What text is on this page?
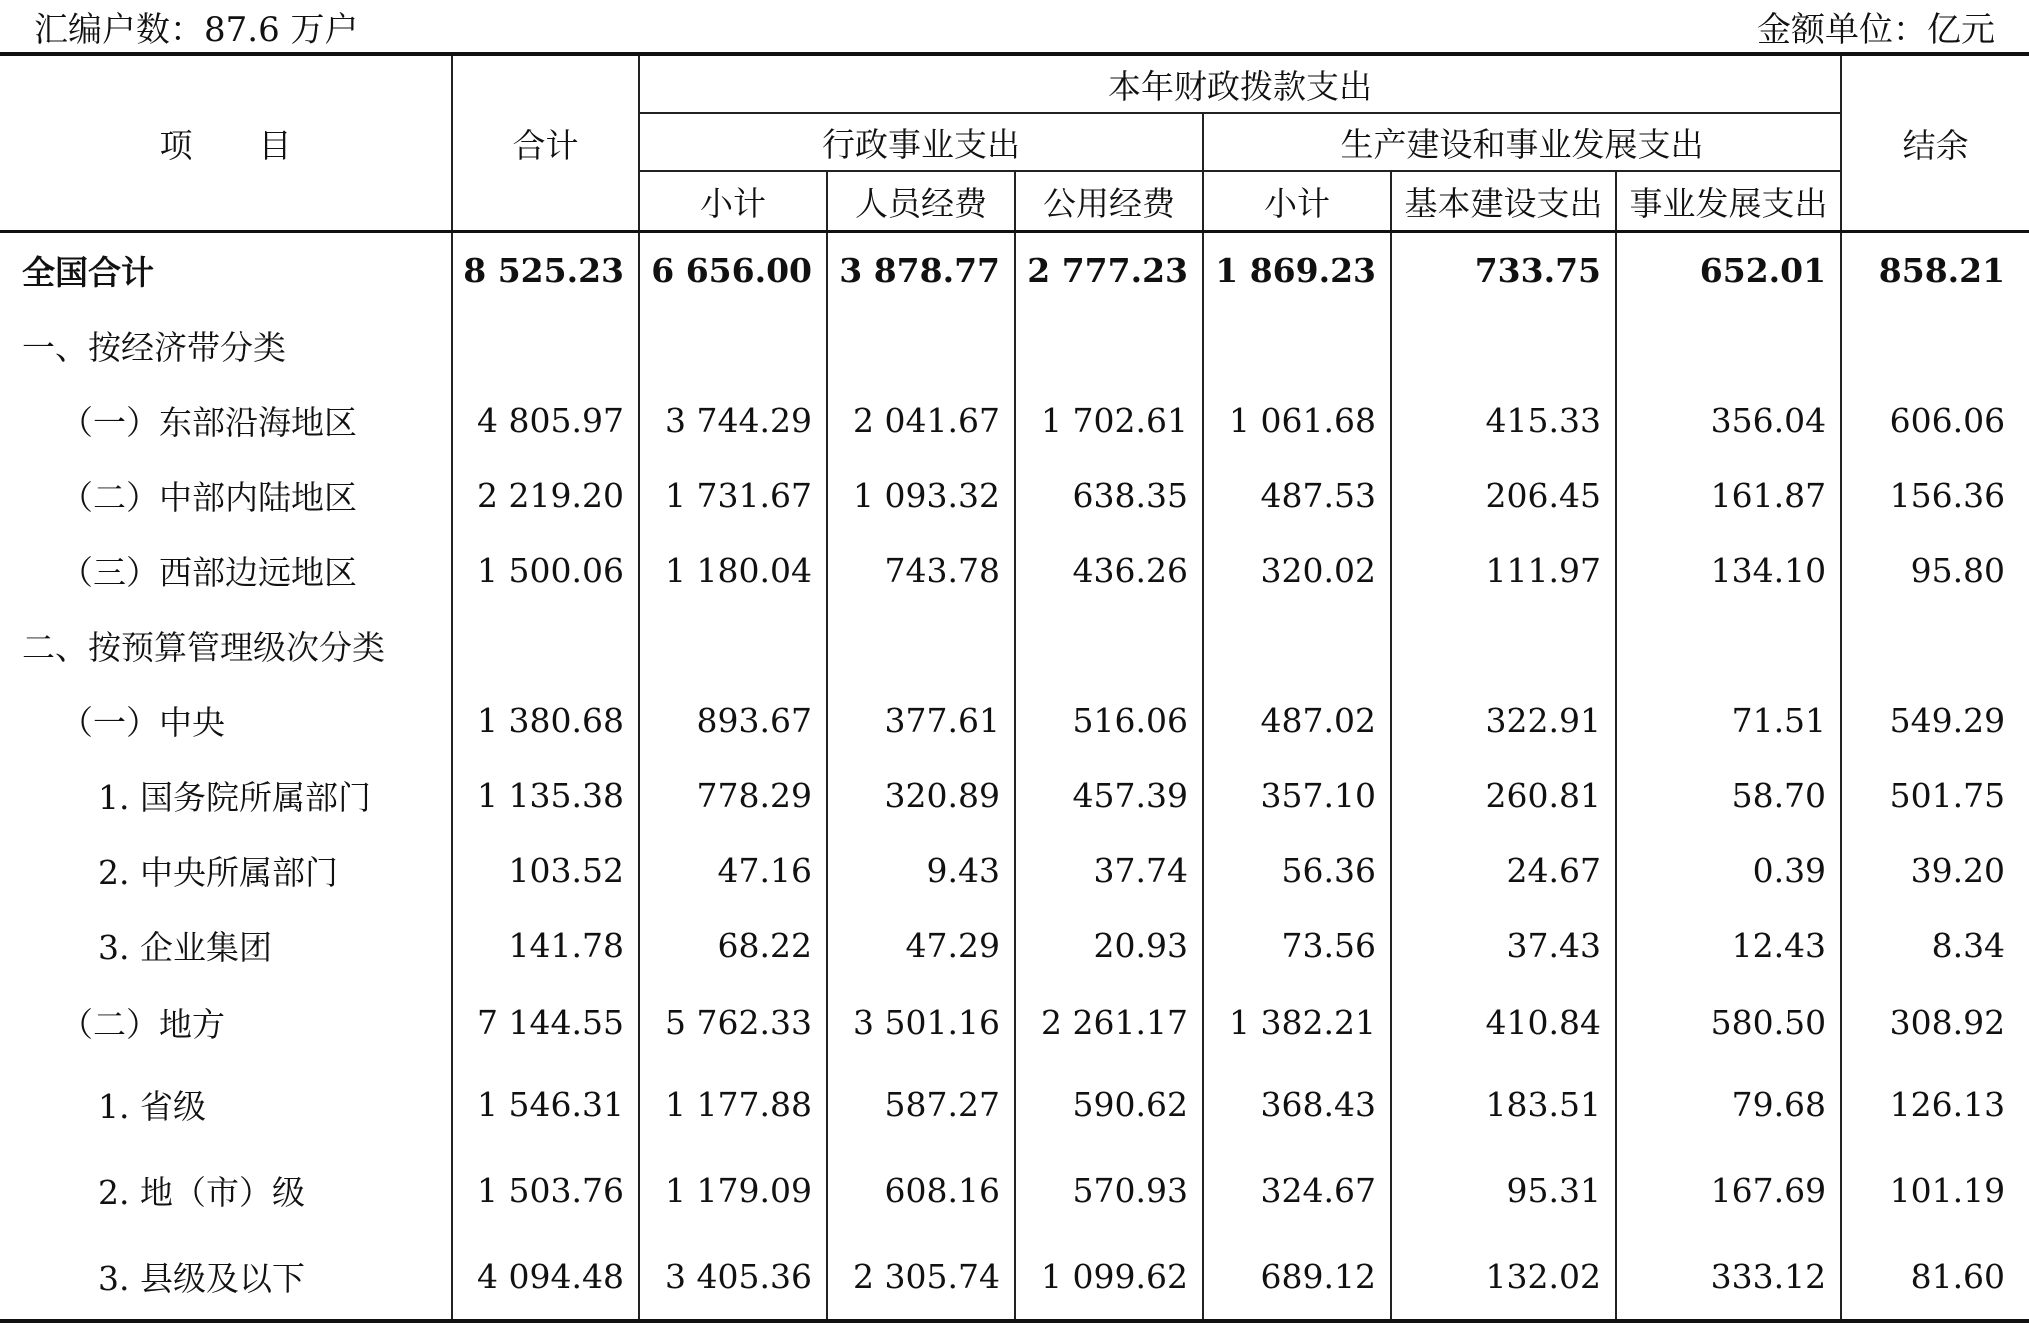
汇编户数：87.6 万户	金额单位：亿元
项　　目	合计	本年财政拨款支出						结余
		行政事业支出			生产建设和事业发展支出			
		小计	人员经费	公用经费	小计	基本建设支出	事业发展支出	
全国合计	8 525.23	6 656.00	3 878.77	2 777.23	1 869.23	733.75	652.01	858.21
一、按经济带分类								
（一）东部沿海地区	4 805.97	3 744.29	2 041.67	1 702.61	1 061.68	415.33	356.04	606.06
（二）中部内陆地区	2 219.20	1 731.67	1 093.32	638.35	487.53	206.45	161.87	156.36
（三）西部边远地区	1 500.06	1 180.04	743.78	436.26	320.02	111.97	134.10	95.80
二、按预算管理级次分类								
（一）中央	1 380.68	893.67	377.61	516.06	487.02	322.91	71.51	549.29
1. 国务院所属部门	1 135.38	778.29	320.89	457.39	357.10	260.81	58.70	501.75
2. 中央所属部门	103.52	47.16	9.43	37.74	56.36	24.67	0.39	39.20
3. 企业集团	141.78	68.22	47.29	20.93	73.56	37.43	12.43	8.34
（二）地方	7 144.55	5 762.33	3 501.16	2 261.17	1 382.21	410.84	580.50	308.92
1. 省级	1 546.31	1 177.88	587.27	590.62	368.43	183.51	79.68	126.13
2. 地（市）级	1 503.76	1 179.09	608.16	570.93	324.67	95.31	167.69	101.19
3. 县级及以下	4 094.48	3 405.36	2 305.74	1 099.62	689.12	132.02	333.12	81.60
